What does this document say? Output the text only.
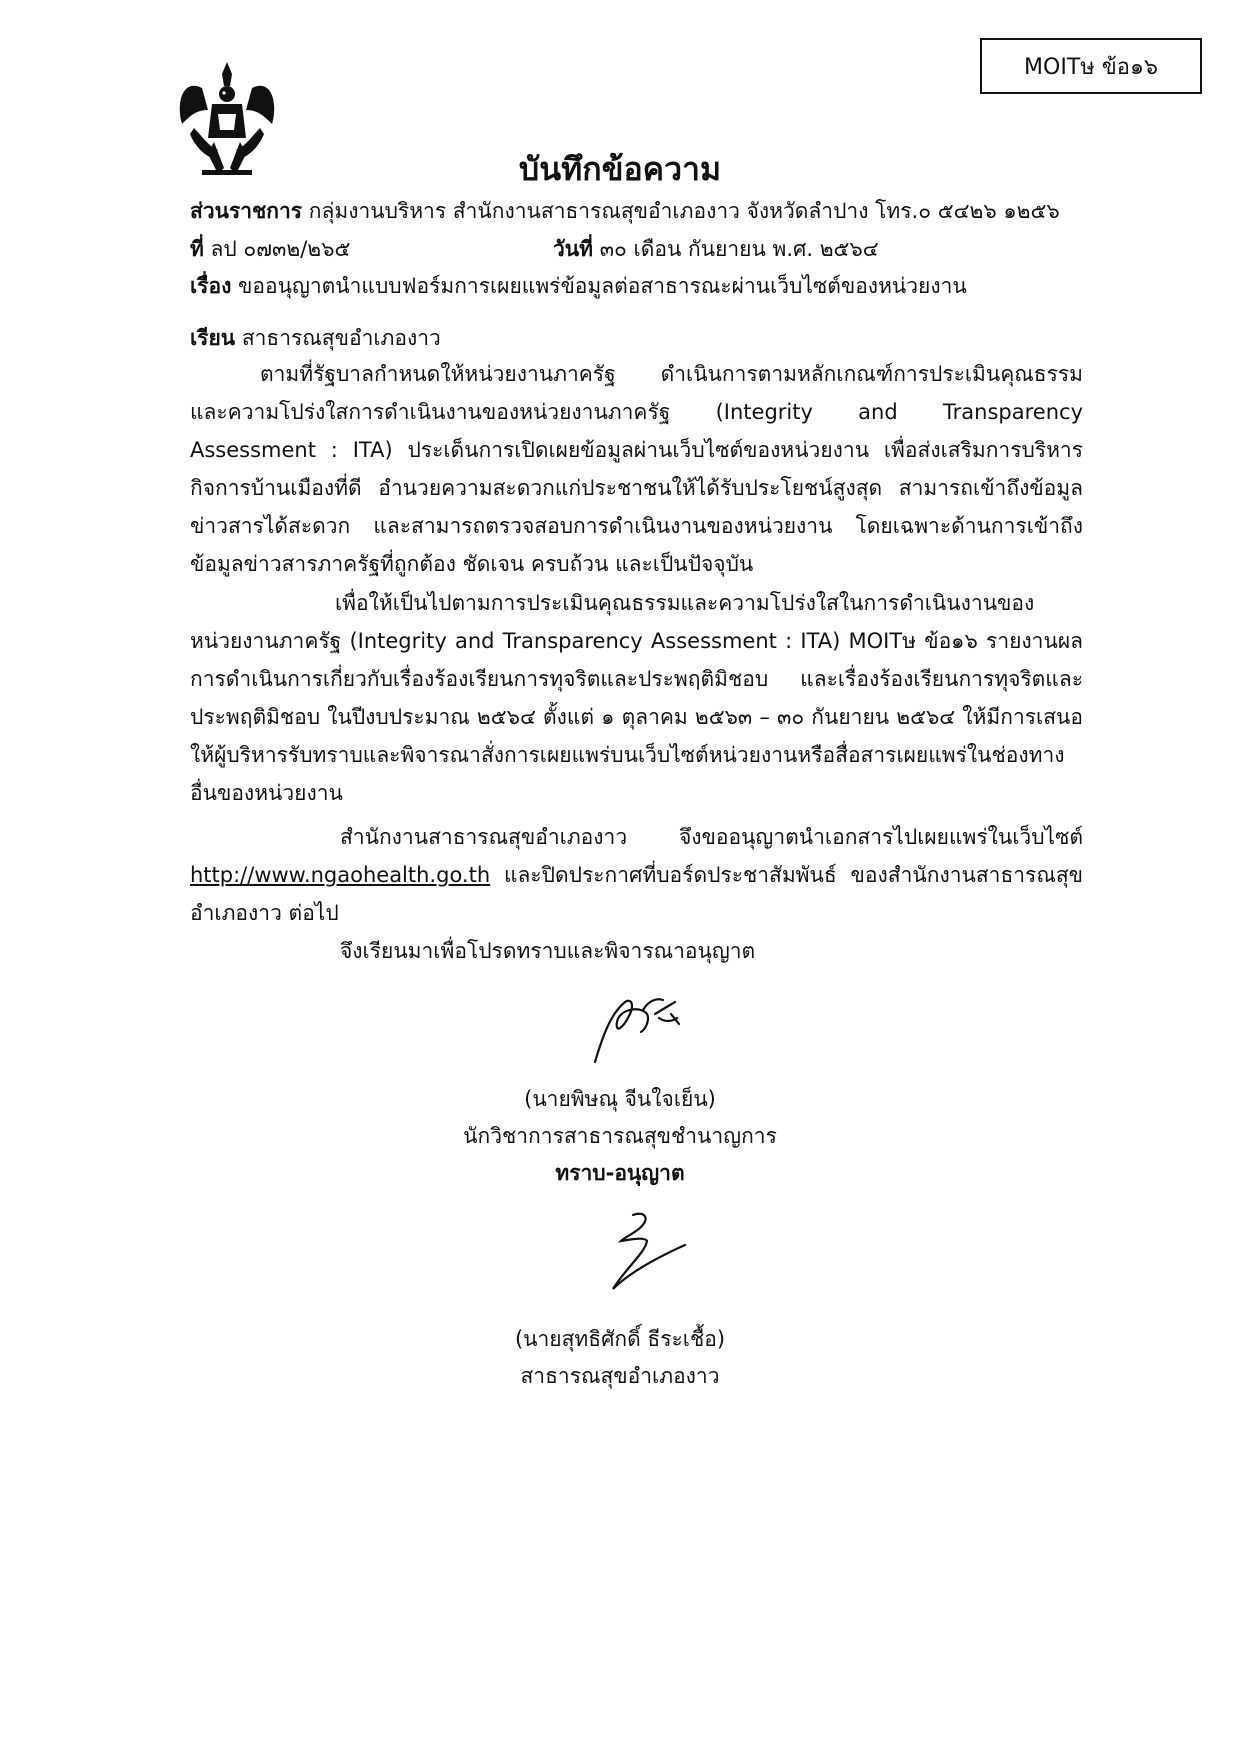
MOITษ ข้อ๑๖
บันทึกข้อความ
ส่วนราชการ กลุ่มงานบริหาร สำนักงานสาธารณสุขอำเภองาว จังหวัดลำปาง โทร.๐ ๕๔๒๖ ๑๒๕๖
ที่ ลป ๐๗๓๒/๒๖๕	วันที่ ๓๐ เดือน กันยายน พ.ศ. ๒๕๖๔
เรื่อง ขออนุญาตนำแบบฟอร์มการเผยแพร่ข้อมูลต่อสาธารณะผ่านเว็บไซต์ของหน่วยงาน
เรียน สาธารณสุขอำเภองาว

ตามที่รัฐบาลกำหนดให้หน่วยงานภาครัฐ ดำเนินการตามหลักเกณฑ์การประเมินคุณธรรม และความโปร่งใสการดำเนินงานของหน่วยงานภาครัฐ (Integrity and Transparency Assessment : ITA) ประเด็นการเปิดเผยข้อมูลผ่านเว็บไซต์ของหน่วยงาน เพื่อส่งเสริมการบริหารกิจการบ้านเมืองที่ดี อำนวยความสะดวกแก่ประชาชนให้ได้รับประโยชน์สูงสุด สามารถเข้าถึงข้อมูลข่าวสารได้สะดวก และสามารถตรวจสอบการดำเนินงานของหน่วยงาน โดยเฉพาะด้านการเข้าถึงข้อมูลข่าวสารภาครัฐที่ถูกต้อง ชัดเจน ครบถ้วน และเป็นปัจจุบัน

เพื่อให้เป็นไปตามการประเมินคุณธรรมและความโปร่งใสในการดำเนินงานของหน่วยงานภาครัฐ (Integrity and Transparency Assessment : ITA) MOITษ ข้อ๑๖ รายงานผลการดำเนินการเกี่ยวกับเรื่องร้องเรียนการทุจริตและประพฤติมิชอบ และเรื่องร้องเรียนการทุจริตและประพฤติมิชอบ ในปีงบประมาณ ๒๕๖๔ ตั้งแต่ ๑ ตุลาคม ๒๕๖๓ – ๓๐ กันยายน ๒๕๖๔ ให้มีการเสนอให้ผู้บริหารรับทราบและพิจารณาสั่งการเผยแพร่บนเว็บไซต์หน่วยงานหรือสื่อสารเผยแพร่ในช่องทางอื่นของหน่วยงาน

สำนักงานสาธารณสุขอำเภองาว จึงขออนุญาตนำเอกสารไปเผยแพร่ในเว็บไซต์ http://www.ngaohealth.go.th และปิดประกาศที่บอร์ดประชาสัมพันธ์ ของสำนักงานสาธารณสุขอำเภองาว ต่อไป

จึงเรียนมาเพื่อโปรดทราบและพิจารณาอนุญาต

(นายพิษณุ จีนใจเย็น)
นักวิชาการสาธารณสุขชำนาญการ
ทราบ-อนุญาต
(นายสุทธิศักดิ์ ธีระเชื้อ)
สาธารณสุขอำเภองาว
